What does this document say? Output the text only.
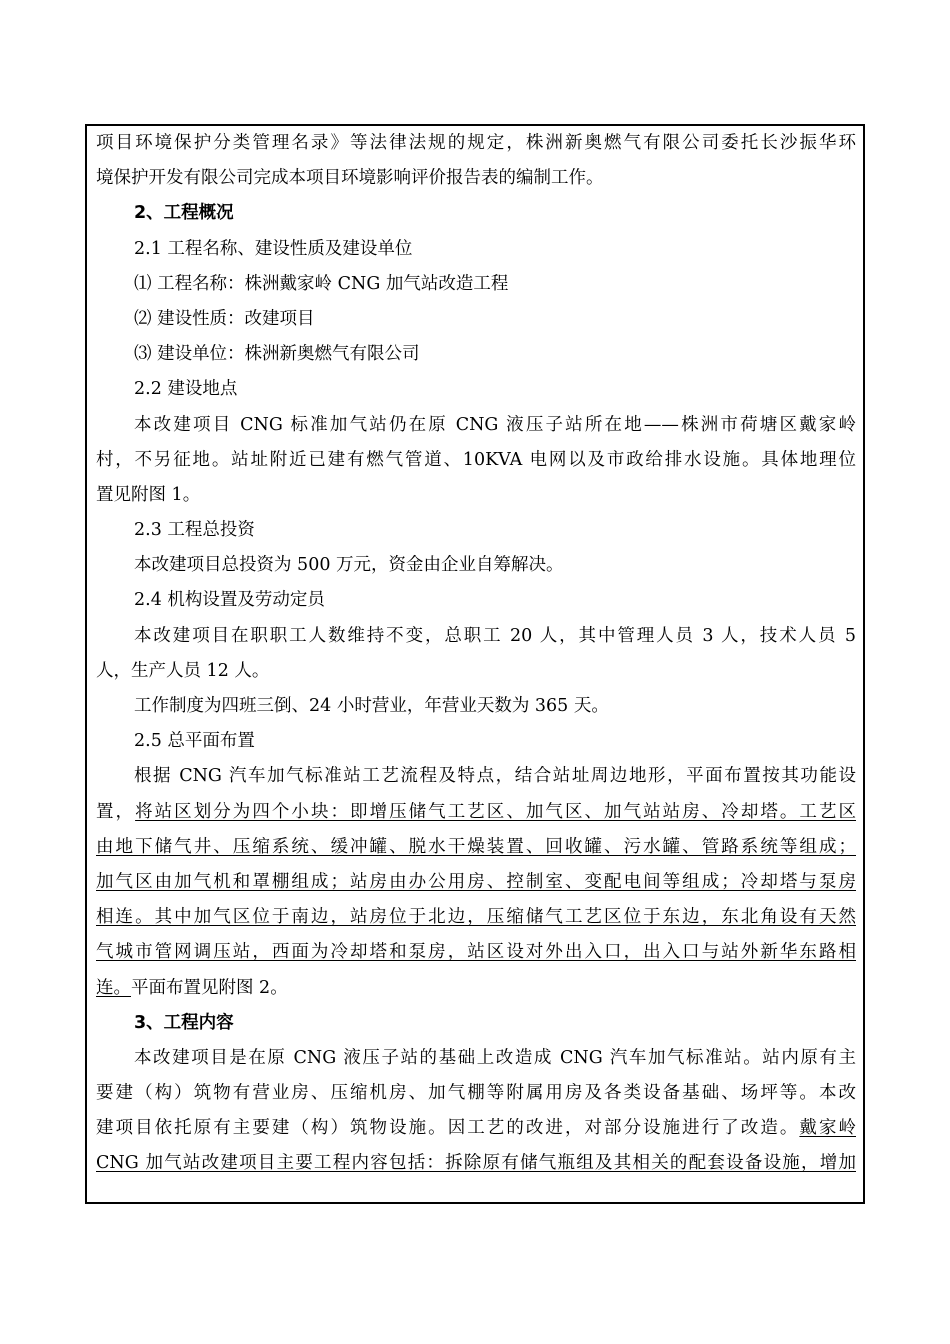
项目环境保护分类管理名录》等法律法规的规定，株洲新奥燃气有限公司委托长沙振华环
境保护开发有限公司完成本项目环境影响评价报告表的编制工作。
2、工程概况
2.1 工程名称、建设性质及建设单位
⑴ 工程名称：株洲戴家岭 CNG 加气站改造工程
⑵ 建设性质：改建项目
⑶ 建设单位：株洲新奥燃气有限公司
2.2 建设地点
本改建项目 CNG 标准加气站仍在原 CNG 液压子站所在地——株洲市荷塘区戴家岭
村，不另征地。站址附近已建有燃气管道、10KVA 电网以及市政给排水设施。具体地理位
置见附图 1。
2.3 工程总投资
本改建项目总投资为 500 万元，资金由企业自筹解决。
2.4 机构设置及劳动定员
本改建项目在职职工人数维持不变，总职工 20 人，其中管理人员 3 人，技术人员 5
人，生产人员 12 人。
工作制度为四班三倒、24 小时营业，年营业天数为 365 天。
2.5 总平面布置
根据 CNG 汽车加气标准站工艺流程及特点，结合站址周边地形，平面布置按其功能设
置，将站区划分为四个小块：即增压储气工艺区、加气区、加气站站房、冷却塔。工艺区
由地下储气井、压缩系统、缓冲罐、脱水干燥装置、回收罐、污水罐、管路系统等组成；
加气区由加气机和罩棚组成；站房由办公用房、控制室、变配电间等组成；冷却塔与泵房
相连。其中加气区位于南边，站房位于北边，压缩储气工艺区位于东边，东北角设有天然
气城市管网调压站，西面为冷却塔和泵房，站区设对外出入口，出入口与站外新华东路相
连。平面布置见附图 2。
3、工程内容
本改建项目是在原 CNG 液压子站的基础上改造成 CNG 汽车加气标准站。站内原有主
要建（构）筑物有营业房、压缩机房、加气棚等附属用房及各类设备基础、场坪等。本改
建项目依托原有主要建（构）筑物设施。因工艺的改进，对部分设施进行了改造。戴家岭
CNG 加气站改建项目主要工程内容包括：拆除原有储气瓶组及其相关的配套设备设施，增加
